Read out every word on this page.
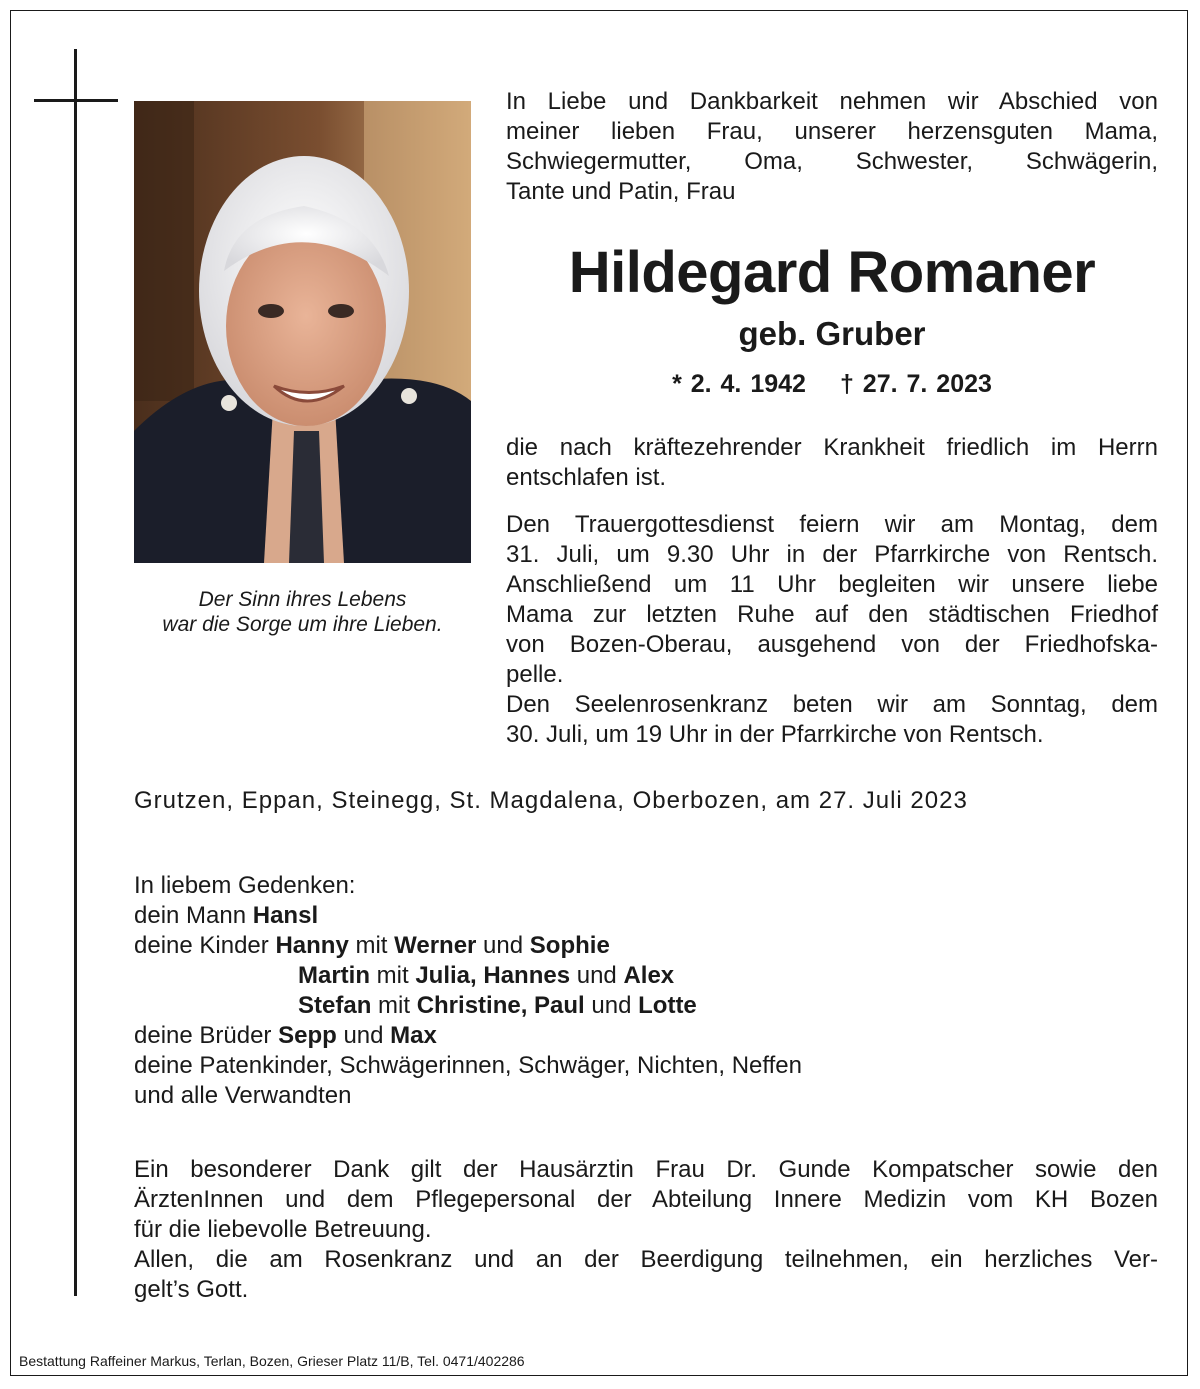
Der Sinn ihres Lebens
war die Sorge um ihre Lieben.
In Liebe und Dankbarkeit nehmen wir Abschied von
meiner lieben Frau, unserer herzensguten Mama,
Schwiegermutter, Oma, Schwester, Schwägerin,
Tante und Patin, Frau
Hildegard Romaner
geb. Gruber
* 2. 4. 1942 † 27. 7. 2023
die nach kräftezehrender Krankheit friedlich im Herrn
entschlafen ist.
Den Trauergottesdienst feiern wir am Montag, dem
31. Juli, um 9.30 Uhr in der Pfarrkirche von Rentsch.
Anschließend um 11 Uhr begleiten wir unsere liebe
Mama zur letzten Ruhe auf den städtischen Friedhof
von Bozen-Oberau, ausgehend von der Friedhofska-
pelle.
Den Seelenrosenkranz beten wir am Sonntag, dem
30. Juli, um 19 Uhr in der Pfarrkirche von Rentsch.
Grutzen, Eppan, Steinegg, St. Magdalena, Oberbozen, am 27. Juli 2023
In liebem Gedenken:
dein Mann Hansl
deine Kinder Hanny mit Werner und Sophie
Martin mit Julia, Hannes und Alex
Stefan mit Christine, Paul und Lotte
deine Brüder Sepp und Max
deine Patenkinder, Schwägerinnen, Schwäger, Nichten, Neffen
und alle Verwandten
Ein besonderer Dank gilt der Hausärztin Frau Dr. Gunde Kompatscher sowie den
ÄrztenInnen und dem Pflegepersonal der Abteilung Innere Medizin vom KH Bozen
für die liebevolle Betreuung.
Allen, die am Rosenkranz und an der Beerdigung teilnehmen, ein herzliches Ver-
gelt’s Gott.
Bestattung Raffeiner Markus, Terlan, Bozen, Grieser Platz 11/B, Tel. 0471/402286
